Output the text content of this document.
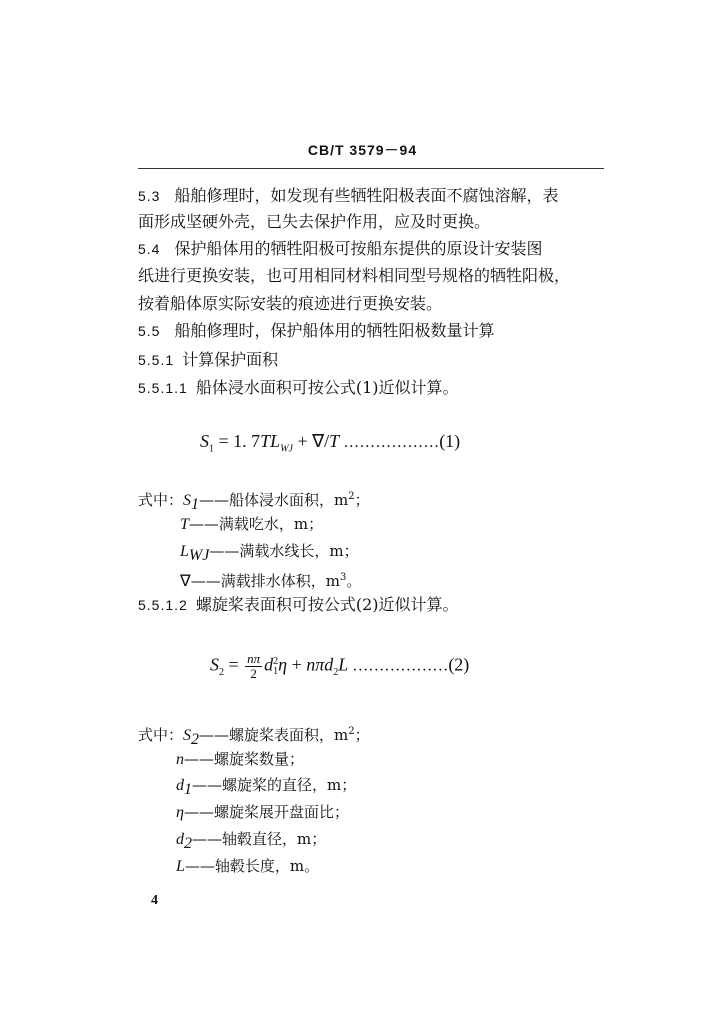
CB/T 3579－94
5.3 船舶修理时，如发现有些牺牲阳极表面不腐蚀溶解，表
面形成坚硬外壳，已失去保护作用，应及时更换。
5.4 保护船体用的牺牲阳极可按船东提供的原设计安装图
纸进行更换安装，也可用相同材料相同型号规格的牺牲阳极，
按着船体原实际安装的痕迹进行更换安装。
5.5 船舶修理时，保护船体用的牺牲阳极数量计算
5.5.1 计算保护面积
5.5.1.1 船体浸水面积可按公式(1)近似计算。
$S_1 = 1$. $7TL_{WJ} + \nabla/T$ ………………(1)
式中：$S_1——$船体浸水面积，$m^2$；
T——满载吃水，m；
$L_{WJ}——$满载水线长，m；
∇——满载排水体积，$m^3$。
5.5.1.2 螺旋桨表面积可按公式(2)近似计算。
$S_2 = \frac{n\pi}{2}$ d 2
1 η + nπd$_2$L ………………(2)
式中：$S_2——$螺旋桨表面积，$m^2$；
n——螺旋桨数量；
$d_1——$螺旋桨的直径，m；
η——螺旋桨展开盘面比；
$d_2——$轴毂直径，m；
L——轴毂长度，m。
4
